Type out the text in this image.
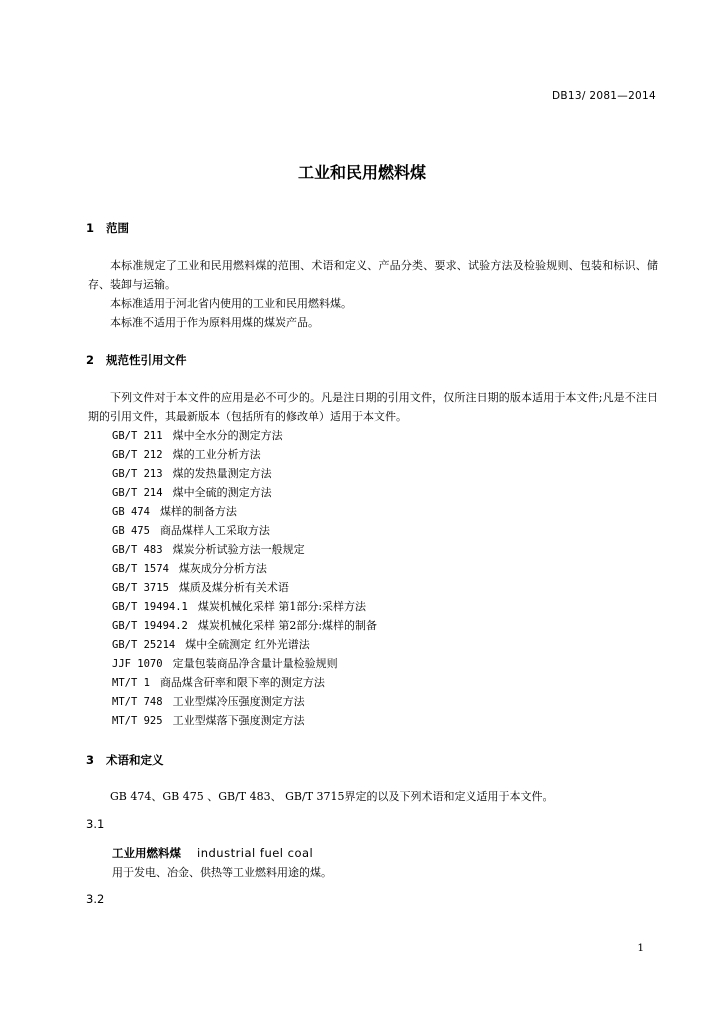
DB13/ 2081—2014
工业和民用燃料煤
1 范围
本标准规定了工业和民用燃料煤的范围、术语和定义、产品分类、要求、试验方法及检验规则、包装和标识、储存、装卸与运输。
本标准适用于河北省内使用的工业和民用燃料煤。
本标准不适用于作为原料用煤的煤炭产品。
2 规范性引用文件
下列文件对于本文件的应用是必不可少的。凡是注日期的引用文件，仅所注日期的版本适用于本文件;凡是不注日期的引用文件，其最新版本（包括所有的修改单）适用于本文件。
GB/T 211 煤中全水分的测定方法
GB/T 212 煤的工业分析方法
GB/T 213 煤的发热量测定方法
GB/T 214 煤中全硫的测定方法
GB 474 煤样的制备方法
GB 475 商品煤样人工采取方法
GB/T 483 煤炭分析试验方法一般规定
GB/T 1574 煤灰成分分析方法
GB/T 3715 煤质及煤分析有关术语
GB/T 19494.1 煤炭机械化采样 第1部分:采样方法
GB/T 19494.2 煤炭机械化采样 第2部分:煤样的制备
GB/T 25214 煤中全硫测定 红外光谱法
JJF 1070 定量包装商品净含量计量检验规则
MT/T 1 商品煤含矸率和限下率的测定方法
MT/T 748 工业型煤冷压强度测定方法
MT/T 925 工业型煤落下强度测定方法
3 术语和定义
GB 474、GB 475 、GB/T 483、 GB/T 3715界定的以及下列术语和定义适用于本文件。
3.1
工业用燃料煤 industrial fuel coal
用于发电、冶金、供热等工业燃料用途的煤。
3.2
1
